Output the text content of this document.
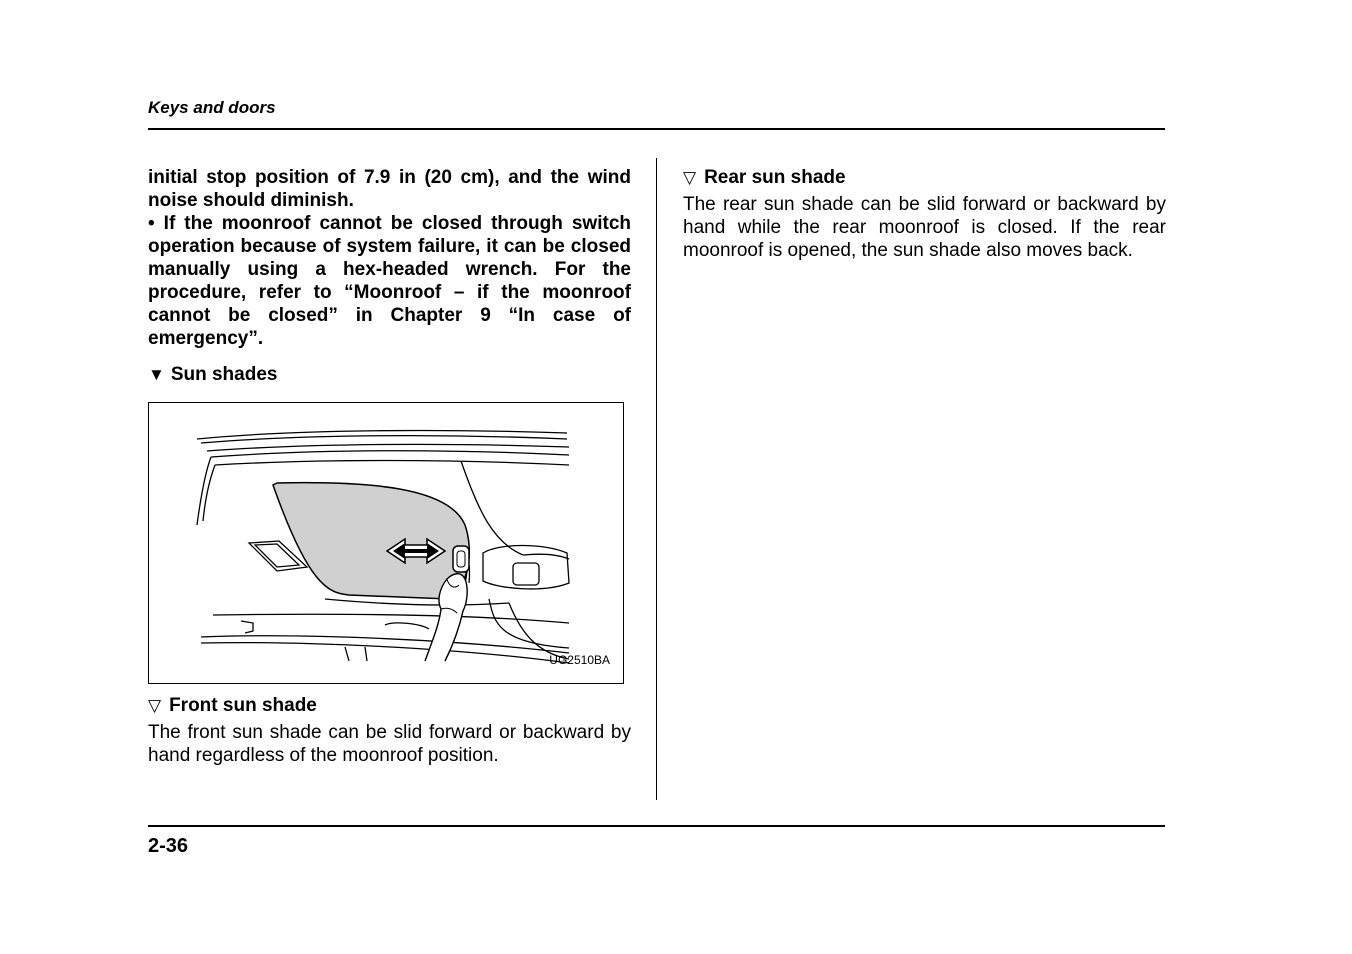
Keys and doors

initial stop position of 7.9 in (20 cm), and the wind noise should diminish.

• If the moonroof cannot be closed through switch operation because of system failure, it can be closed manually using a hex-headed wrench. For the procedure, refer to “Moonroof – if the moonroof cannot be closed” in Chapter 9 “In case of emergency”.

▼ Sun shades
UG2510BA
▽ Front sun shade

The front sun shade can be slid forward or backward by hand regardless of the moonroof position.

▽ Rear sun shade

The rear sun shade can be slid forward or backward by hand while the rear moonroof is closed. If the rear moonroof is opened, the sun shade also moves back.

2-36
